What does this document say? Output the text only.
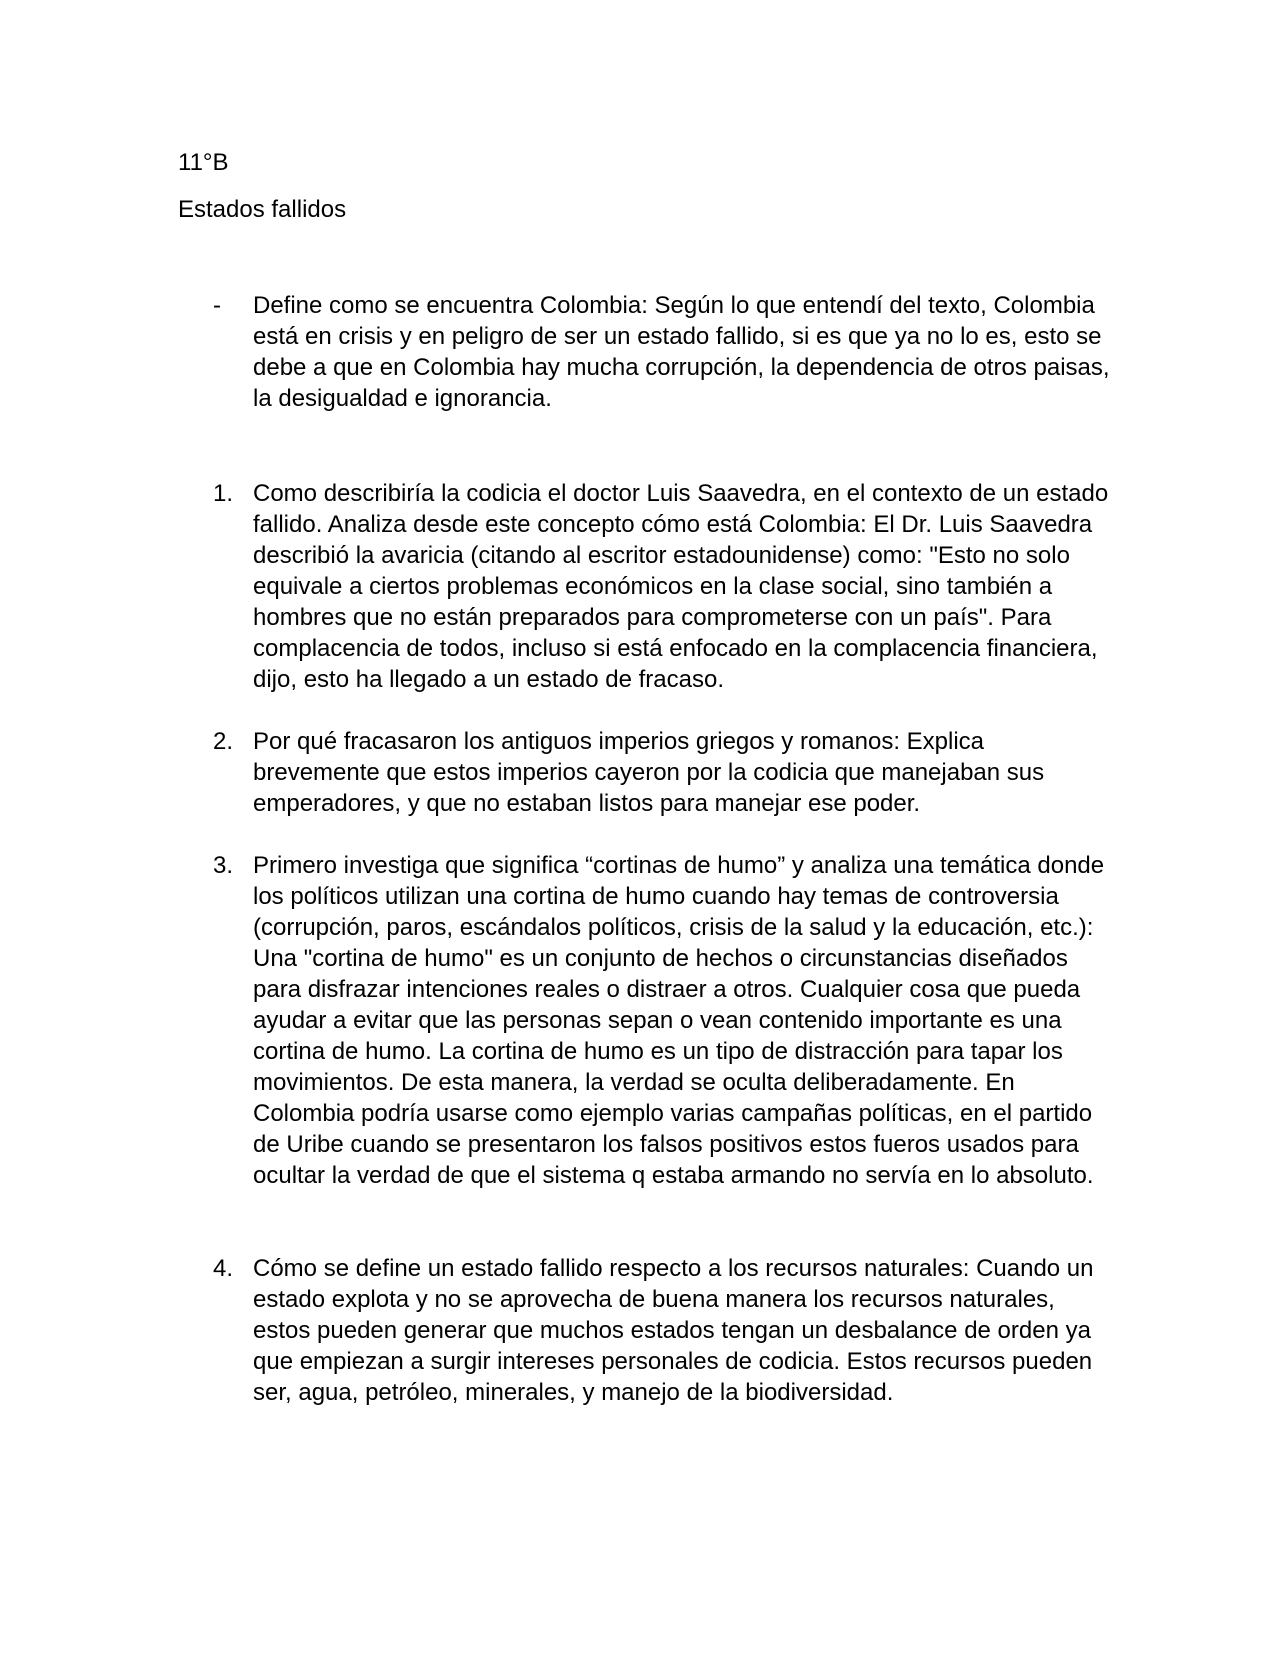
11°B
Estados fallidos
- Define como se encuentra Colombia: Según lo que entendí del texto, Colombia está en crisis y en peligro de ser un estado fallido, si es que ya no lo es, esto se debe a que en Colombia hay mucha corrupción, la dependencia de otros paisas, la desigualdad e ignorancia.
1. Como describiría la codicia el doctor Luis Saavedra, en el contexto de un estado fallido. Analiza desde este concepto cómo está Colombia: El Dr. Luis Saavedra describió la avaricia (citando al escritor estadounidense) como: "Esto no solo equivale a ciertos problemas económicos en la clase social, sino también a hombres que no están preparados para comprometerse con un país". Para complacencia de todos, incluso si está enfocado en la complacencia financiera, dijo, esto ha llegado a un estado de fracaso.
2. Por qué fracasaron los antiguos imperios griegos y romanos: Explica brevemente que estos imperios cayeron por la codicia que manejaban sus emperadores, y que no estaban listos para manejar ese poder.
3. Primero investiga que significa “cortinas de humo” y analiza una temática donde los políticos utilizan una cortina de humo cuando hay temas de controversia (corrupción, paros, escándalos políticos, crisis de la salud y la educación, etc.): Una "cortina de humo" es un conjunto de hechos o circunstancias diseñados para disfrazar intenciones reales o distraer a otros. Cualquier cosa que pueda ayudar a evitar que las personas sepan o vean contenido importante es una cortina de humo. La cortina de humo es un tipo de distracción para tapar los movimientos. De esta manera, la verdad se oculta deliberadamente. En Colombia podría usarse como ejemplo varias campañas políticas, en el partido de Uribe cuando se presentaron los falsos positivos estos fueros usados para ocultar la verdad de que el sistema q estaba armando no servía en lo absoluto.
4. Cómo se define un estado fallido respecto a los recursos naturales: Cuando un estado explota y no se aprovecha de buena manera los recursos naturales, estos pueden generar que muchos estados tengan un desbalance de orden ya que empiezan a surgir intereses personales de codicia. Estos recursos pueden ser, agua, petróleo, minerales, y manejo de la biodiversidad.
